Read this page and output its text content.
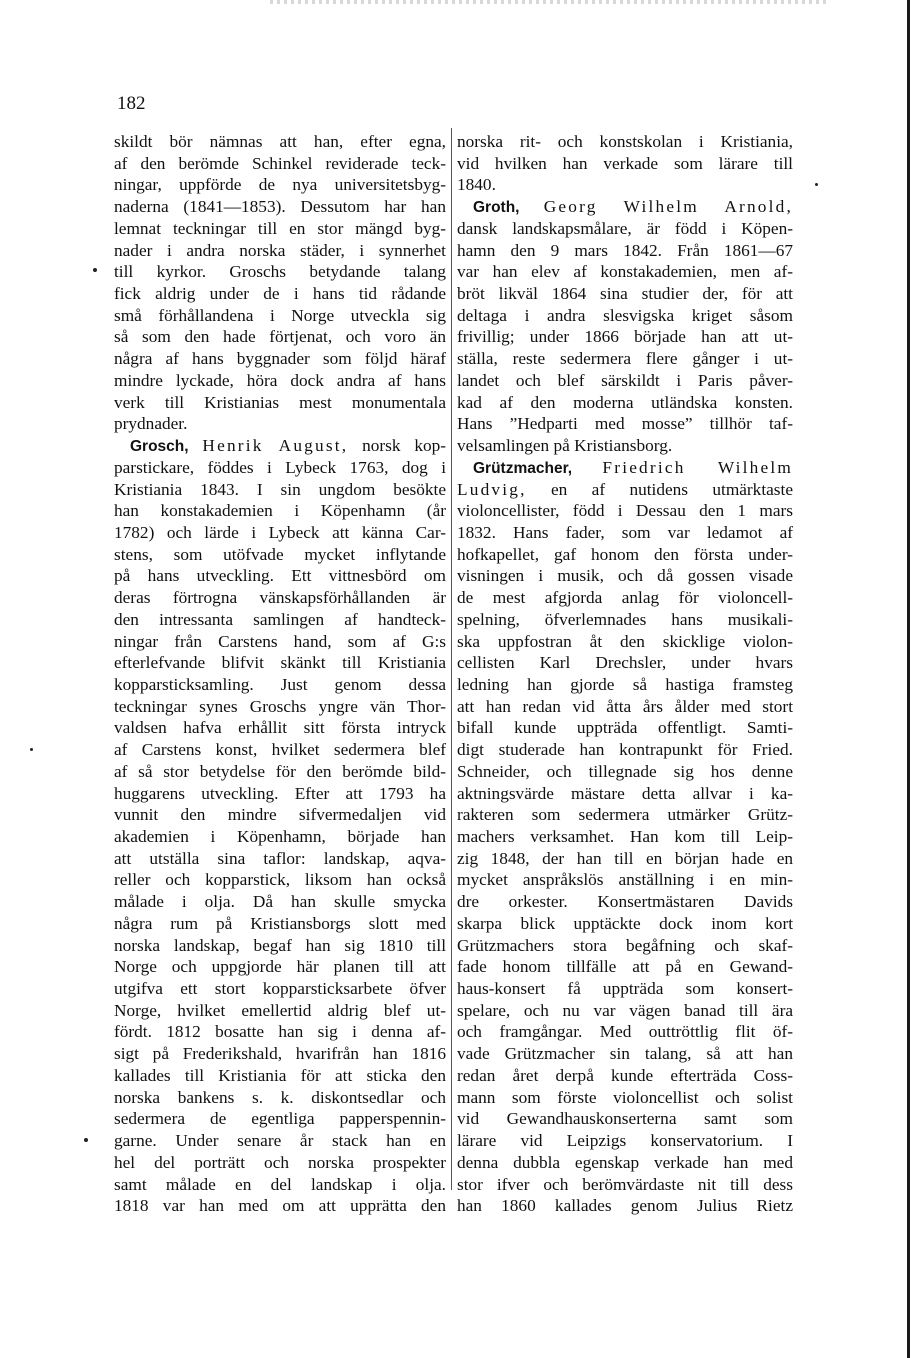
182
skildt bör nämnas att han, efter egna,
af den berömde Schinkel reviderade teck-
ningar, uppförde de nya universitetsbyg-
naderna (1841—1853). Dessutom har han
lemnat teckningar till en stor mängd byg-
nader i andra norska städer, i synnerhet
till kyrkor. Groschs betydande talang
fick aldrig under de i hans tid rådande
små förhållandena i Norge utveckla sig
så som den hade förtjenat, och voro än
några af hans byggnader som följd häraf
mindre lyckade, höra dock andra af hans
verk till Kristianias mest monumentala
prydnader.
Grosch, Henrik August, norsk kop-
parstickare, föddes i Lybeck 1763, dog i
Kristiania 1843. I sin ungdom besökte
han konstakademien i Köpenhamn (år
1782) och lärde i Lybeck att känna Car-
stens, som utöfvade mycket inflytande
på hans utveckling. Ett vittnesbörd om
deras förtrogna vänskapsförhållanden är
den intressanta samlingen af handteck-
ningar från Carstens hand, som af G:s
efterlefvande blifvit skänkt till Kristiania
kopparsticksamling. Just genom dessa
teckningar synes Groschs yngre vän Thor-
valdsen hafva erhållit sitt första intryck
af Carstens konst, hvilket sedermera blef
af så stor betydelse för den berömde bild-
huggarens utveckling. Efter att 1793 ha
vunnit den mindre sifvermedaljen vid
akademien i Köpenhamn, började han
att utställa sina taflor: landskap, aqva-
reller och kopparstick, liksom han också
målade i olja. Då han skulle smycka
några rum på Kristiansborgs slott med
norska landskap, begaf han sig 1810 till
Norge och uppgjorde här planen till att
utgifva ett stort kopparsticksarbete öfver
Norge, hvilket emellertid aldrig blef ut-
fördt. 1812 bosatte han sig i denna af-
sigt på Frederikshald, hvarifrån han 1816
kallades till Kristiania för att sticka den
norska bankens s. k. diskontsedlar och
sedermera de egentliga papperspennin-
garne. Under senare år stack han en
hel del porträtt och norska prospekter
samt målade en del landskap i olja.
1818 var han med om att upprätta den
norska rit- och konstskolan i Kristiania,
vid hvilken han verkade som lärare till
1840.
Groth, Georg Wilhelm Arnold,
dansk landskapsmålare, är född i Köpen-
hamn den 9 mars 1842. Från 1861—67
var han elev af konstakademien, men af-
bröt likväl 1864 sina studier der, för att
deltaga i andra slesvigska kriget såsom
frivillig; under 1866 började han att ut-
ställa, reste sedermera flere gånger i ut-
landet och blef särskildt i Paris påver-
kad af den moderna utländska konsten.
Hans ”Hedparti med mosse” tillhör taf-
velsamlingen på Kristiansborg.
Grützmacher, Friedrich Wilhelm
Ludvig, en af nutidens utmärktaste
violoncellister, född i Dessau den 1 mars
1832. Hans fader, som var ledamot af
hofkapellet, gaf honom den första under-
visningen i musik, och då gossen visade
de mest afgjorda anlag för violoncell-
spelning, öfverlemnades hans musikali-
ska uppfostran åt den skicklige violon-
cellisten Karl Drechsler, under hvars
ledning han gjorde så hastiga framsteg
att han redan vid åtta års ålder med stort
bifall kunde uppträda offentligt. Samti-
digt studerade han kontrapunkt för Fried.
Schneider, och tillegnade sig hos denne
aktningsvärde mästare detta allvar i ka-
rakteren som sedermera utmärker Grütz-
machers verksamhet. Han kom till Leip-
zig 1848, der han till en början hade en
mycket anspråkslös anställning i en min-
dre orkester. Konsertmästaren Davids
skarpa blick upptäckte dock inom kort
Grützmachers stora begåfning och skaf-
fade honom tillfälle att på en Gewand-
haus-konsert få uppträda som konsert-
spelare, och nu var vägen banad till ära
och framgångar. Med outtröttlig flit öf-
vade Grützmacher sin talang, så att han
redan året derpå kunde efterträda Coss-
mann som förste violoncellist och solist
vid Gewandhauskonserterna samt som
lärare vid Leipzigs konservatorium. I
denna dubbla egenskap verkade han med
stor ifver och berömvärdaste nit till dess
han 1860 kallades genom Julius Rietz
